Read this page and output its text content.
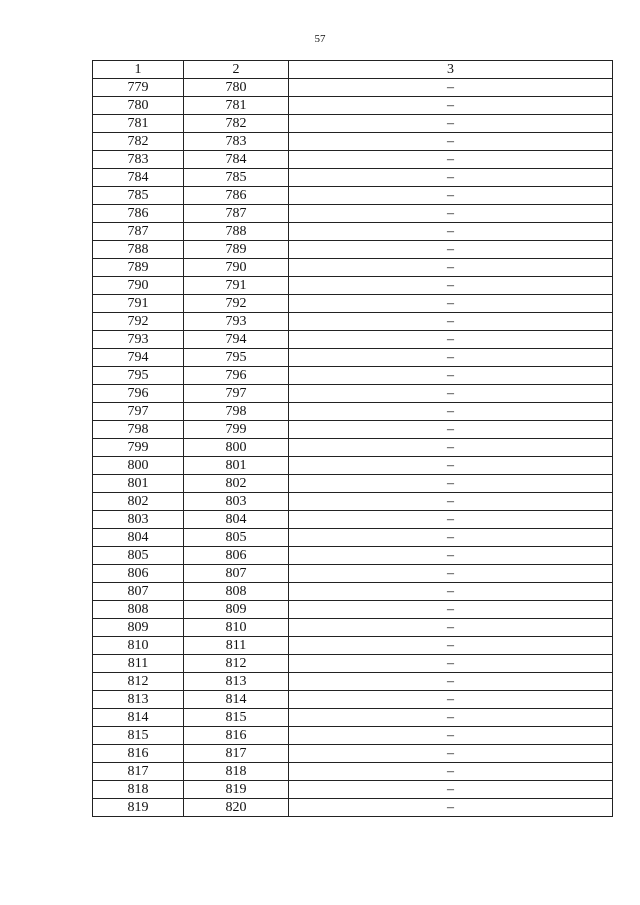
57
1	2	3
779	780	–
780	781	–
781	782	–
782	783	–
783	784	–
784	785	–
785	786	–
786	787	–
787	788	–
788	789	–
789	790	–
790	791	–
791	792	–
792	793	–
793	794	–
794	795	–
795	796	–
796	797	–
797	798	–
798	799	–
799	800	–
800	801	–
801	802	–
802	803	–
803	804	–
804	805	–
805	806	–
806	807	–
807	808	–
808	809	–
809	810	–
810	811	–
811	812	–
812	813	–
813	814	–
814	815	–
815	816	–
816	817	–
817	818	–
818	819	–
819	820	–
